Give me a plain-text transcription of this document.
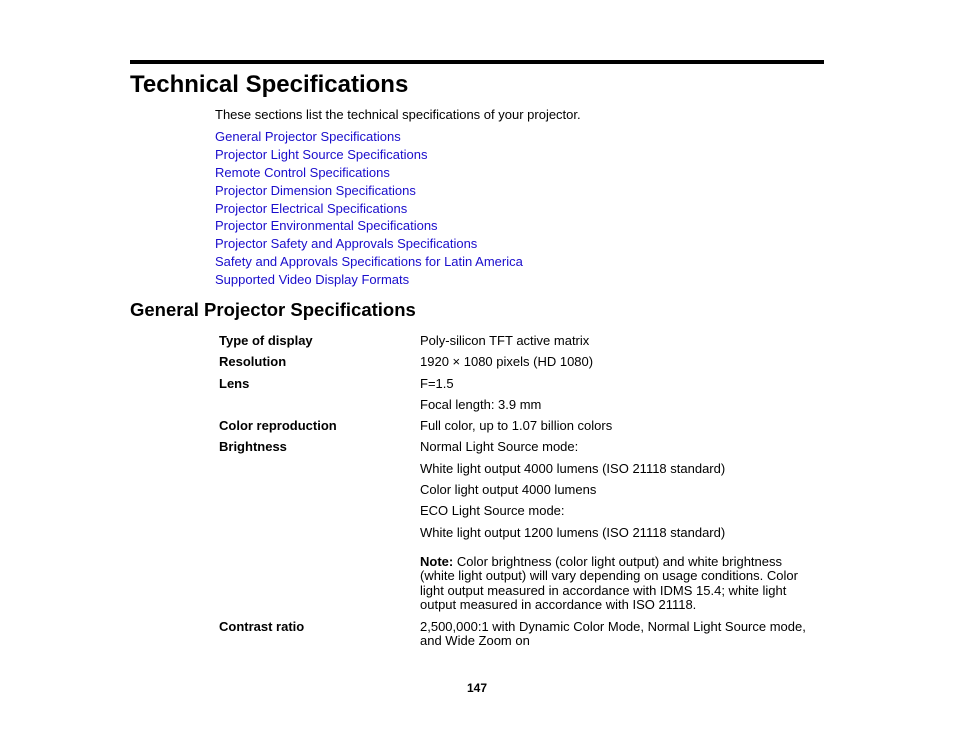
Technical Specifications
These sections list the technical specifications of your projector.
General Projector Specifications
Projector Light Source Specifications
Remote Control Specifications
Projector Dimension Specifications
Projector Electrical Specifications
Projector Environmental Specifications
Projector Safety and Approvals Specifications
Safety and Approvals Specifications for Latin America
Supported Video Display Formats
General Projector Specifications
Type of display	Poly-silicon TFT active matrix
Resolution	1920 × 1080 pixels (HD 1080)
Lens	F=1.5
Focal length: 3.9 mm
Color reproduction	Full color, up to 1.07 billion colors
Brightness	Normal Light Source mode:
White light output 4000 lumens (ISO 21118 standard)
Color light output 4000 lumens
ECO Light Source mode:
White light output 1200 lumens (ISO 21118 standard)
Note: Color brightness (color light output) and white brightness (white light output) will vary depending on usage conditions. Color light output measured in accordance with IDMS 15.4; white light output measured in accordance with ISO 21118.
Contrast ratio	2,500,000:1 with Dynamic Color Mode, Normal Light Source mode, and Wide Zoom on
147
